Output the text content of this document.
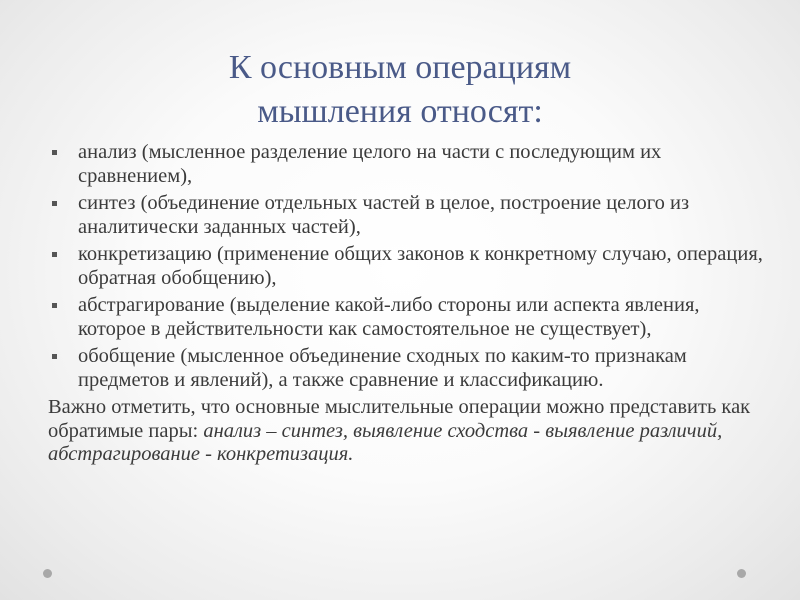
К основным операциям
мышления относят:
анализ (мысленное разделение целого на части с последующим их сравнением),
синтез (объединение отдельных частей в целое, построение целого из аналитически заданных частей),
конкретизацию (применение общих законов к конкретному случаю, операция, обратная обобщению),
абстрагирование (выделение какой-либо стороны или аспекта явления, которое в действительности как самостоятельное не существует),
обобщение (мысленное объединение сходных по каким-то признакам предметов и явлений), а также сравнение и классификацию.

Важно отметить, что основные мыслительные операции можно представить как обратимые пары: анализ – синтез, выявление сходства - выявление различий, абстрагирование - конкретизация.
